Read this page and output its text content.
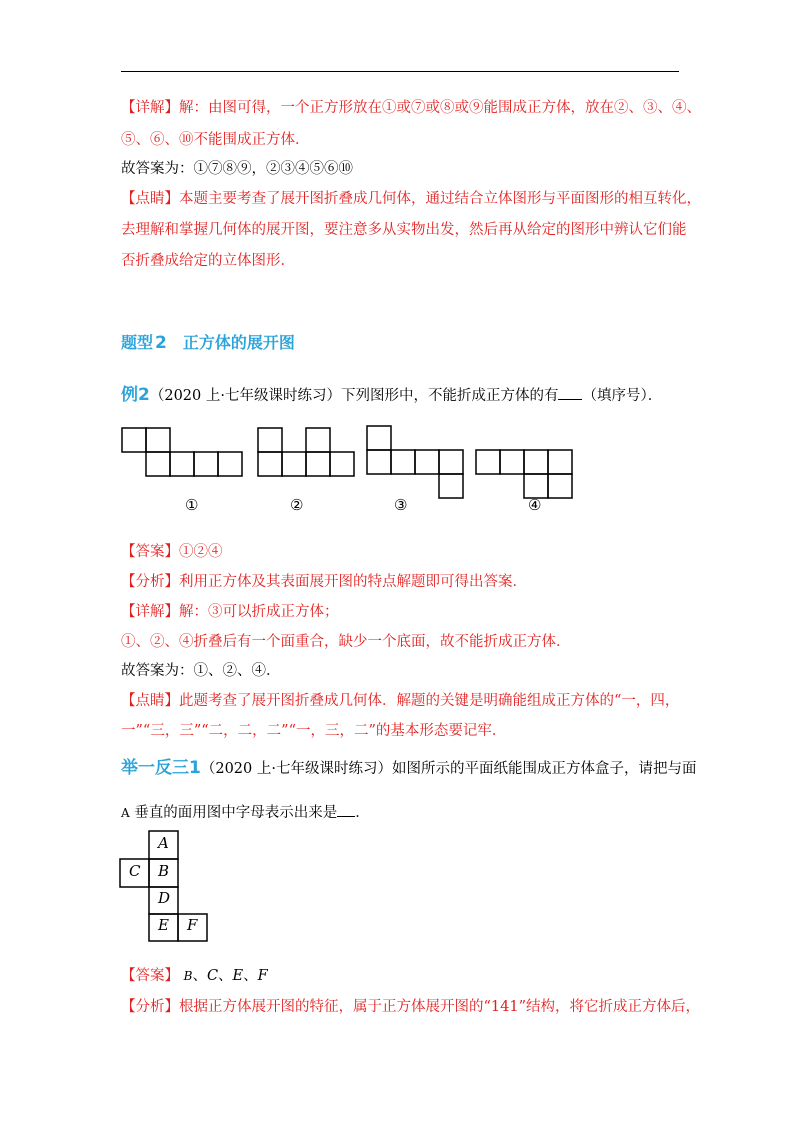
【详解】解：由图可得，一个正方形放在①或⑦或⑧或⑨能围成正方体，放在②、③、④、
⑤、⑥、⑩不能围成正方体．
故答案为：①⑦⑧⑨，②③④⑤⑥⑩
【点睛】本题主要考查了展开图折叠成几何体，通过结合立体图形与平面图形的相互转化，
去理解和掌握几何体的展开图，要注意多从实物出发，然后再从给定的图形中辨认它们能
否折叠成给定的立体图形．
题型 2 正方体的展开图
例2（2020 上·七年级课时练习）下列图形中，不能折成正方体的有 （填序号）．
①	②	③	④
【答案】①②④
【分析】利用正方体及其表面展开图的特点解题即可得出答案．
【详解】解：③可以折成正方体；
①、②、④折叠后有一个面重合，缺少一个底面，故不能折成正方体．
故答案为：①、②、④．
【点睛】此题考查了展开图折叠成几何体．解题的关键是明确能组成正方体的“一，四，
一”“三，三”“二，二，二”“一，三，二”的基本形态要记牢．
举一反三1（2020 上·七年级课时练习）如图所示的平面纸能围成正方体盒子，请把与面
A 垂直的面用图中字母表示出来是 ．
A
C B
D
E F
【答案】 B、C、E、F
【分析】根据正方体展开图的特征，属于正方体展开图的“141”结构，将它折成正方体后，
